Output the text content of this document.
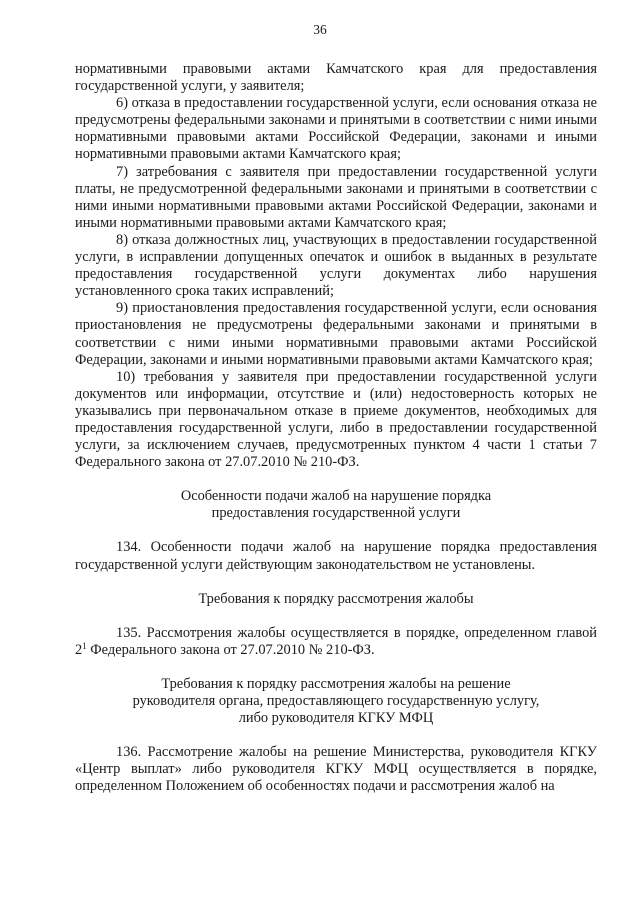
36

нормативными правовыми актами Камчатского края для предоставления государственной услуги, у заявителя;

6) отказа в предоставлении государственной услуги, если основания отказа не предусмотрены федеральными законами и принятыми в соответствии с ними иными нормативными правовыми актами Российской Федерации, законами и иными нормативными правовыми актами Камчатского края;

7) затребования с заявителя при предоставлении государственной услуги платы, не предусмотренной федеральными законами и принятыми в соответствии с ними иными нормативными правовыми актами Российской Федерации, законами и иными нормативными правовыми актами Камчатского края;

8) отказа должностных лиц, участвующих в предоставлении государственной услуги, в исправлении допущенных опечаток и ошибок в выданных в результате предоставления государственной услуги документах либо нарушения установленного срока таких исправлений;

9) приостановления предоставления государственной услуги, если основания приостановления не предусмотрены федеральными законами и принятыми в соответствии с ними иными нормативными правовыми актами Российской Федерации, законами и иными нормативными правовыми актами Камчатского края;

10) требования у заявителя при предоставлении государственной услуги документов или информации, отсутствие и (или) недостоверность которых не указывались при первоначальном отказе в приеме документов, необходимых для предоставления государственной услуги, либо в предоставлении государственной услуги, за исключением случаев, предусмотренных пунктом 4 части 1 статьи 7 Федерального закона от 27.07.2010 № 210-ФЗ.

Особенности подачи жалоб на нарушение порядка
предоставления государственной услуги

134. Особенности подачи жалоб на нарушение порядка предоставления государственной услуги действующим законодательством не установлены.

Требования к порядку рассмотрения жалобы

135. Рассмотрения жалобы осуществляется в порядке, определенном главой $2^1$ Федерального закона от 27.07.2010 № 210-ФЗ.

Требования к порядку рассмотрения жалобы на решение
руководителя органа, предоставляющего государственную услугу,
либо руководителя КГКУ МФЦ

136. Рассмотрение жалобы на решение Министерства, руководителя КГКУ «Центр выплат» либо руководителя КГКУ МФЦ осуществляется в порядке, определенном Положением об особенностях подачи и рассмотрения жалоб на
